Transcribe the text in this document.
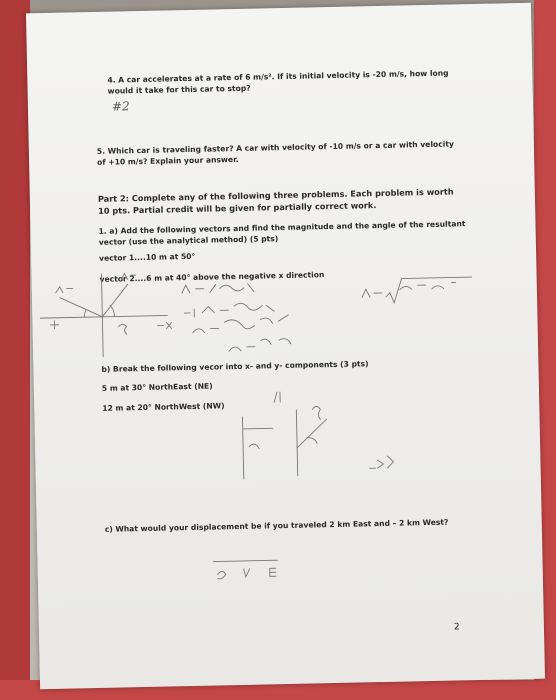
4. A car accelerates at a rate of 6 m/s². If its initial velocity is -20 m/s, how long
would it take for this car to stop?
#2
5. Which car is traveling faster? A car with velocity of -10 m/s or a car with velocity
of +10 m/s? Explain your answer.
Part 2: Complete any of the following three problems. Each problem is worth
10 pts. Partial credit will be given for partially correct work.
1. a) Add the following vectors and find the magnitude and the angle of the resultant
vector (use the analytical method) (5 pts)
vector 1....10 m at 50°
vector 2....6 m at 40° above the negative x direction
b) Break the following vecor into x- and y- components (3 pts)
5 m at 30° NorthEast (NE)
12 m at 20° NorthWest (NW)
c) What would your displacement be if you traveled 2 km East and – 2 km West?
2
